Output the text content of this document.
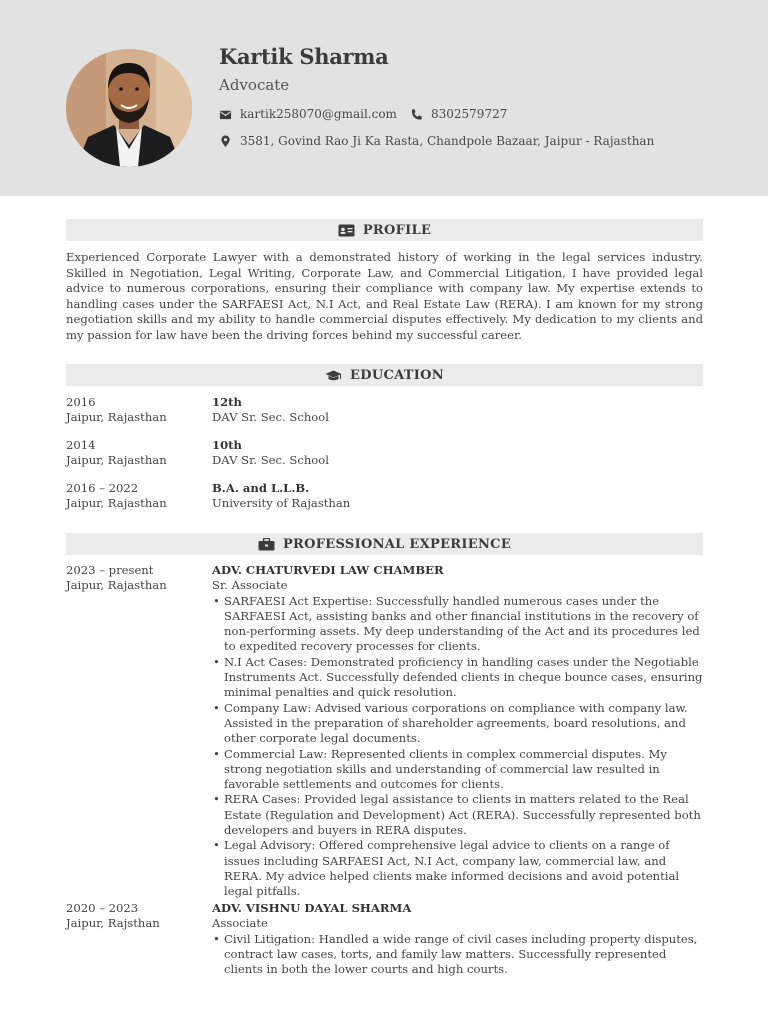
Kartik Sharma
Advocate
kartik258070@gmail.com	8302579727
3581, Govind Rao Ji Ka Rasta, Chandpole Bazaar, Jaipur - Rajasthan
PROFILE
Experienced Corporate Lawyer with a demonstrated history of working in the legal services industry. Skilled in Negotiation, Legal Writing, Corporate Law, and Commercial Litigation, I have provided legal advice to numerous corporations, ensuring their compliance with company law. My expertise extends to handling cases under the SARFAESI Act, N.I Act, and Real Estate Law (RERA). I am known for my strong negotiation skills and my ability to handle commercial disputes effectively. My dedication to my clients and my passion for law have been the driving forces behind my successful career.
EDUCATION
2016
Jaipur, Rajasthan
12th
DAV Sr. Sec. School
2014
Jaipur, Rajasthan
10th
DAV Sr. Sec. School
2016 – 2022
Jaipur, Rajasthan
B.A. and L.L.B.
University of Rajasthan
PROFESSIONAL EXPERIENCE
2023 – present
Jaipur, Rajasthan
ADV. CHATURVEDI LAW CHAMBER
Sr. Associate
• SARFAESI Act Expertise: Successfully handled numerous cases under the SARFAESI Act, assisting banks and other financial institutions in the recovery of non-performing assets. My deep understanding of the Act and its procedures led to expedited recovery processes for clients.
• N.I Act Cases: Demonstrated proficiency in handling cases under the Negotiable Instruments Act. Successfully defended clients in cheque bounce cases, ensuring minimal penalties and quick resolution.
• Company Law: Advised various corporations on compliance with company law. Assisted in the preparation of shareholder agreements, board resolutions, and other corporate legal documents.
• Commercial Law: Represented clients in complex commercial disputes. My strong negotiation skills and understanding of commercial law resulted in favorable settlements and outcomes for clients.
• RERA Cases: Provided legal assistance to clients in matters related to the Real Estate (Regulation and Development) Act (RERA). Successfully represented both developers and buyers in RERA disputes.
• Legal Advisory: Offered comprehensive legal advice to clients on a range of issues including SARFAESI Act, N.I Act, company law, commercial law, and RERA. My advice helped clients make informed decisions and avoid potential legal pitfalls.
2020 – 2023
Jaipur, Rajsthan
ADV. VISHNU DAYAL SHARMA
Associate
• Civil Litigation: Handled a wide range of civil cases including property disputes, contract law cases, torts, and family law matters. Successfully represented clients in both the lower courts and high courts.
